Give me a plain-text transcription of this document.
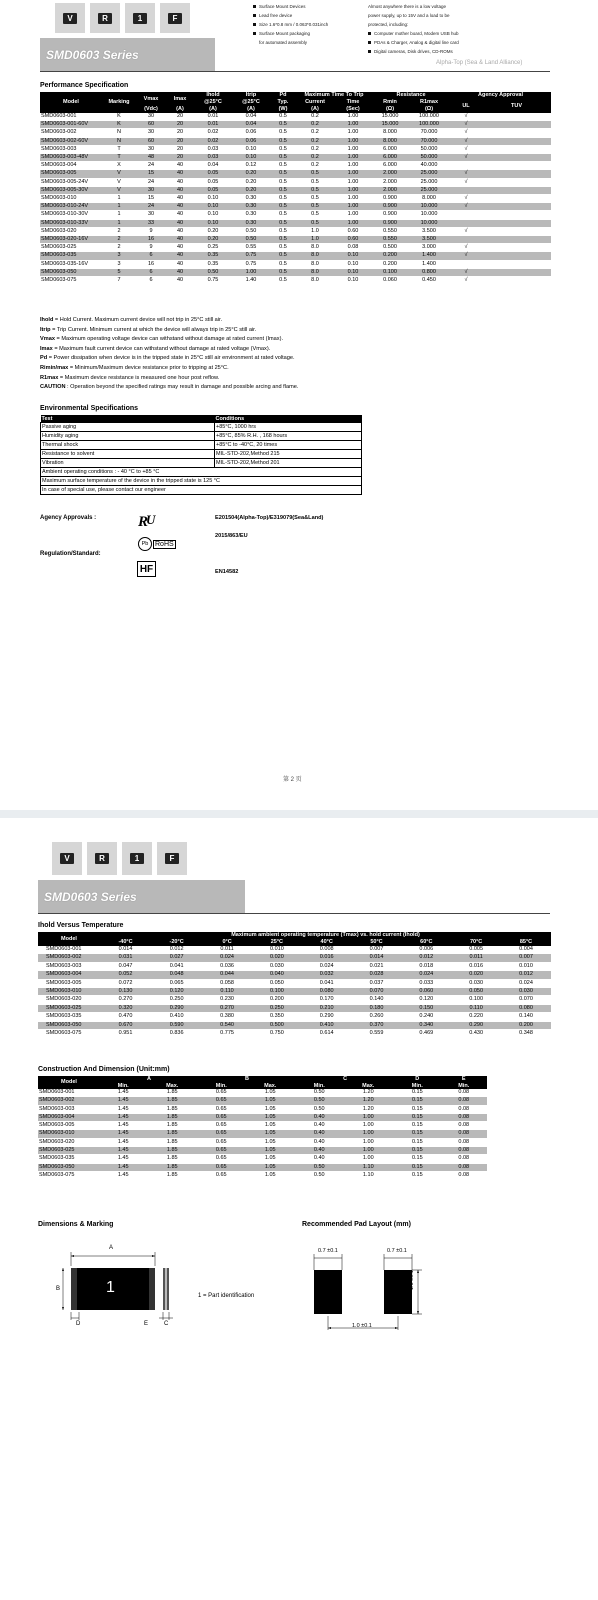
V	R	1	F
Surface Mount Devices
Lead free device
Size 1.6*0.8 mm / 0.063*0.031inch
Surface Mount packaging
for automated assembly
Almost anywhere there is a low voltage
power supply, up to 15V and a load to be
protected, including:
Computer mother board, Modem USB hub
PDAs & Charger, Analog & digital line card
Digital cameras, Disk drives, CD-ROMs
SMD0603 Series
Alpha-Top (Sea & Land Alliance)
Performance Specification
Model	Marking	Vmax	Imax	Ihold	Itrip	Pd	Maximum Time To Trip		Resistance		Agency Approval	
				@25°C	@25°C	Typ.	Current	Time	Rmin	R1max	UL	TUV
		(Vdc)	(A)	(A)	(A)	(W)	(A)	(Sec)	(Ω)	(Ω)		
SMD0603-001	K	30	20	0.01	0.04	0.5	0.2	1.00	15.000	100.000	√	
SMD0603-001-60V	K	60	20	0.01	0.04	0.5	0.2	1.00	15.000	100.000	√	
SMD0603-002	N	30	20	0.02	0.06	0.5	0.2	1.00	8.000	70.000	√	
SMD0603-002-60V	N	60	20	0.02	0.06	0.5	0.2	1.00	8.000	70.000	√	
SMD0603-003	T	30	20	0.03	0.10	0.5	0.2	1.00	6.000	50.000	√	
SMD0603-003-48V	T	48	20	0.03	0.10	0.5	0.2	1.00	6.000	50.000	√	
SMD0603-004	X	24	40	0.04	0.12	0.5	0.2	1.00	6.000	40.000		
SMD0603-005	V	15	40	0.05	0.20	0.5	0.5	1.00	2.000	25.000	√	
SMD0603-005-24V	V	24	40	0.05	0.20	0.5	0.5	1.00	2.000	25.000	√	
SMD0603-005-30V	V	30	40	0.05	0.20	0.5	0.5	1.00	2.000	25.000		
SMD0603-010	1	15	40	0.10	0.30	0.5	0.5	1.00	0.900	8.000	√	
SMD0603-010-24V	1	24	40	0.10	0.30	0.5	0.5	1.00	0.900	10.000	√	
SMD0603-010-30V	1	30	40	0.10	0.30	0.5	0.5	1.00	0.900	10.000		
SMD0603-010-33V	1	33	40	0.10	0.30	0.5	0.5	1.00	0.900	10.000		
SMD0603-020	2	9	40	0.20	0.50	0.5	1.0	0.60	0.550	3.500	√	
SMD0603-020-16V	2	16	40	0.20	0.50	0.5	1.0	0.60	0.550	3.500		
SMD0603-025	2	9	40	0.25	0.55	0.5	8.0	0.08	0.500	3.000	√	
SMD0603-035	3	6	40	0.35	0.75	0.5	8.0	0.10	0.200	1.400	√	
SMD0603-035-16V	3	16	40	0.35	0.75	0.5	8.0	0.10	0.200	1.400		
SMD0603-050	5	6	40	0.50	1.00	0.5	8.0	0.10	0.100	0.800	√	
SMD0603-075	7	6	40	0.75	1.40	0.5	8.0	0.10	0.060	0.450	√	
Ihold = Hold Current. Maximum current device will not trip in 25°C still air.
Itrip = Trip Current. Minimum current at which the device will always trip in 25°C still air.
Vmax = Maximum operating voltage device can withstand without damage at rated current (Imax).
Imax = Maximum fault current device can withstand without damage at rated voltage (Vmax).
Pd = Power dissipation when device is in the tripped state in 25°C still air environment at rated voltage.
Rimin/max = Minimum/Maximum device resistance prior to tripping at 25°C.
R1max = Maximum device resistance is measured one hour post reflow.
CAUTION : Operation beyond the specified ratings may result in damage and possible arcing and flame.
Environmental Specifications
Test	Conditions
Passive aging	+85°C, 1000 hrs
Humidity aging	+85°C, 85% R.H. , 168 hours
Thermal shock	+85°C to -40°C, 20 times
Resistance to solvent	MIL-STD-202,Method 215
Vibration	MIL-STD-202,Method 201
Ambient operating conditions : - 40 °C to +85 °C	
Maximum surface temperature of the device in the tripped state is 125 °C	
In case of special use, please contact our engineer	
Agency Approvals :
Regulation/Standard:
R
U	E201504(Alpha-Top)/E319079(Sea&Land)
Pb RoHS
2015/863/EU
HF	EN14582
第 2 页
V	R	1	F
SMD0603 Series
Ihold Versus Temperature
Model	Maximum ambient operating temperature (Tmax) vs. hold current (Ihold)								
	-40°C	-20°C	0°C	25°C	40°C	50°C	60°C	70°C	85°C
SMD0603-001	0.014	0.012	0.011	0.010	0.008	0.007	0.006	0.005	0.004
SMD0603-002	0.031	0.027	0.024	0.020	0.016	0.014	0.012	0.011	0.007
SMD0603-003	0.047	0.041	0.036	0.030	0.024	0.021	0.018	0.016	0.010
SMD0603-004	0.052	0.048	0.044	0.040	0.032	0.028	0.024	0.020	0.012
SMD0603-005	0.072	0.065	0.058	0.050	0.041	0.037	0.033	0.030	0.024
SMD0603-010	0.130	0.120	0.110	0.100	0.080	0.070	0.060	0.050	0.030
SMD0603-020	0.270	0.250	0.230	0.200	0.170	0.140	0.120	0.100	0.070
SMD0603-025	0.320	0.290	0.270	0.250	0.210	0.180	0.150	0.110	0.080
SMD0603-035	0.470	0.410	0.380	0.350	0.290	0.260	0.240	0.220	0.140
SMD0603-050	0.670	0.590	0.540	0.500	0.410	0.370	0.340	0.290	0.200
SMD0603-075	0.951	0.836	0.775	0.750	0.614	0.559	0.469	0.430	0.348
Construction And Dimension (Unit:mm)
Model	A		B		C		D	E
	Min.	Max.	Min.	Max.	Min.	Max.	Min.	Min.
SMD0603-001	1.45	1.85	0.65	1.05	0.50	1.20	0.15	0.08
SMD0603-002	1.45	1.85	0.65	1.05	0.50	1.20	0.15	0.08
SMD0603-003	1.45	1.85	0.65	1.05	0.50	1.20	0.15	0.08
SMD0603-004	1.45	1.85	0.65	1.05	0.40	1.00	0.15	0.08
SMD0603-005	1.45	1.85	0.65	1.05	0.40	1.00	0.15	0.08
SMD0603-010	1.45	1.85	0.65	1.05	0.40	1.00	0.15	0.08
SMD0603-020	1.45	1.85	0.65	1.05	0.40	1.00	0.15	0.08
SMD0603-025	1.45	1.85	0.65	1.05	0.40	1.00	0.15	0.08
SMD0603-035	1.45	1.85	0.65	1.05	0.40	1.00	0.15	0.08
SMD0603-050	1.45	1.85	0.65	1.05	0.50	1.10	0.15	0.08
SMD0603-075	1.45	1.85	0.65	1.05	0.50	1.10	0.15	0.08
Dimensions & Marking	Recommended Pad Layout (mm)
A
B
D	E	C
1	1 = Part identification
0.7 ±0.1	0.7 ±0.1
1.0 ±0.1
1.0 ±0.1
